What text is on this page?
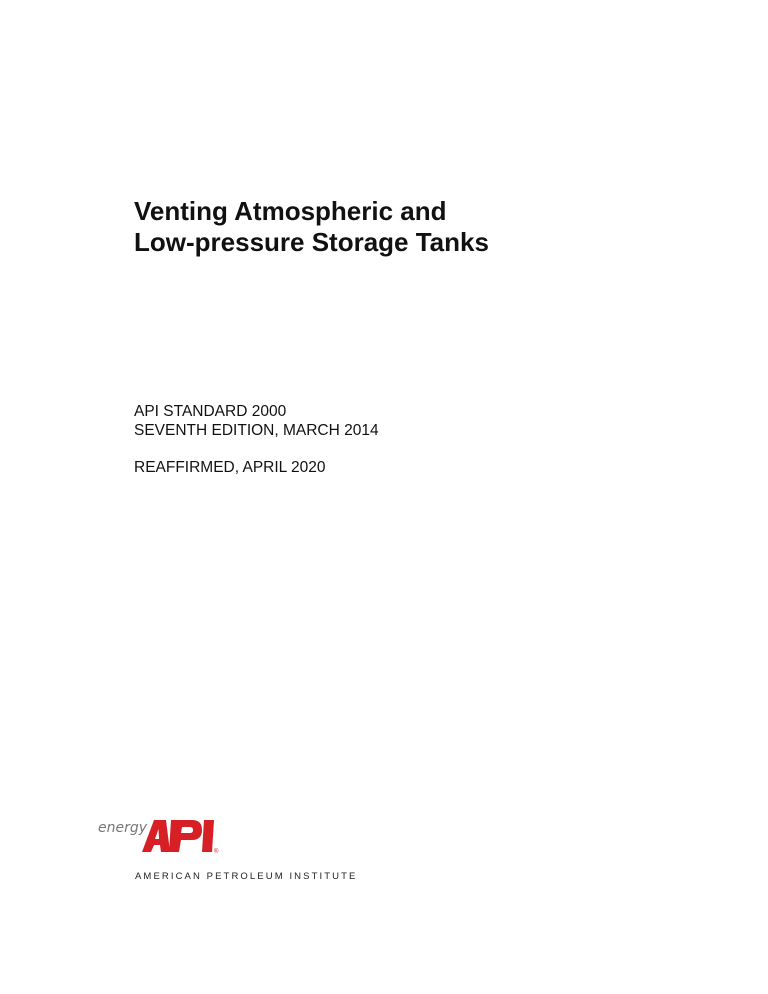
Venting Atmospheric and
Low-pressure Storage Tanks
API STANDARD 2000
SEVENTH EDITION, MARCH 2014
REAFFIRMED, APRIL 2020
energy
®
AMERICAN PETROLEUM INSTITUTE
